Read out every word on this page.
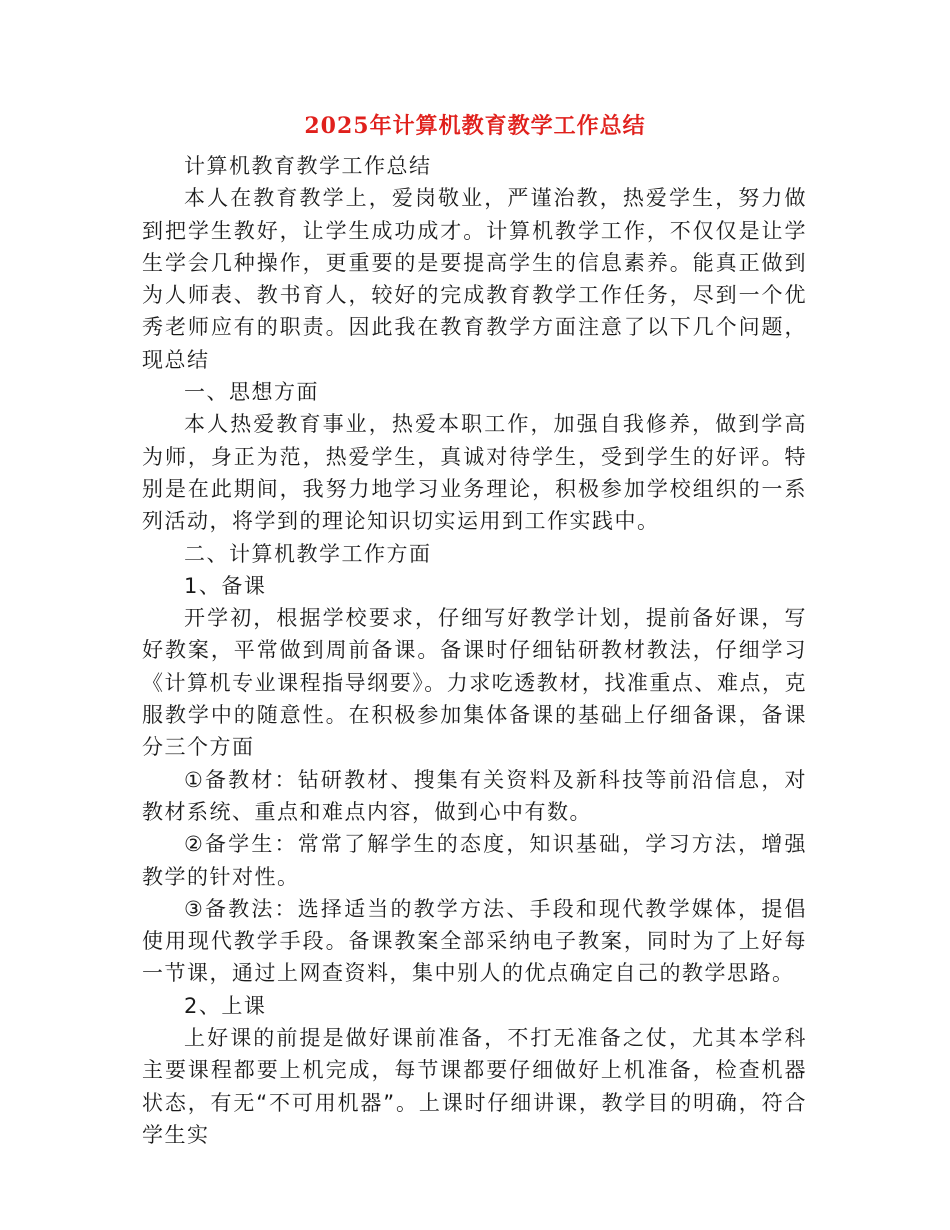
2025年计算机教育教学工作总结

计算机教育教学工作总结

本人在教育教学上，爱岗敬业，严谨治教，热爱学生，努力做到把学生教好，让学生成功成才。计算机教学工作，不仅仅是让学生学会几种操作，更重要的是要提高学生的信息素养。能真正做到为人师表、教书育人，较好的完成教育教学工作任务，尽到一个优秀老师应有的职责。因此我在教育教学方面注意了以下几个问题，现总结

一、思想方面

本人热爱教育事业，热爱本职工作，加强自我修养，做到学高为师，身正为范，热爱学生，真诚对待学生，受到学生的好评。特别是在此期间，我努力地学习业务理论，积极参加学校组织的一系列活动，将学到的理论知识切实运用到工作实践中。

二、计算机教学工作方面

1、备课

开学初，根据学校要求，仔细写好教学计划，提前备好课，写好教案，平常做到周前备课。备课时仔细钻研教材教法，仔细学习《计算机专业课程指导纲要》。力求吃透教材，找准重点、难点，克服教学中的随意性。在积极参加集体备课的基础上仔细备课，备课分三个方面

①备教材：钻研教材、搜集有关资料及新科技等前沿信息，对教材系统、重点和难点内容，做到心中有数。

②备学生：常常了解学生的态度，知识基础，学习方法，增强教学的针对性。

③备教法：选择适当的教学方法、手段和现代教学媒体，提倡使用现代教学手段。备课教案全部采纳电子教案，同时为了上好每一节课，通过上网查资料，集中别人的优点确定自己的教学思路。

2、上课

上好课的前提是做好课前准备，不打无准备之仗，尤其本学科主要课程都要上机完成，每节课都要仔细做好上机准备，检查机器状态，有无“不可用机器”。上课时仔细讲课，教学目的明确，符合学生实
